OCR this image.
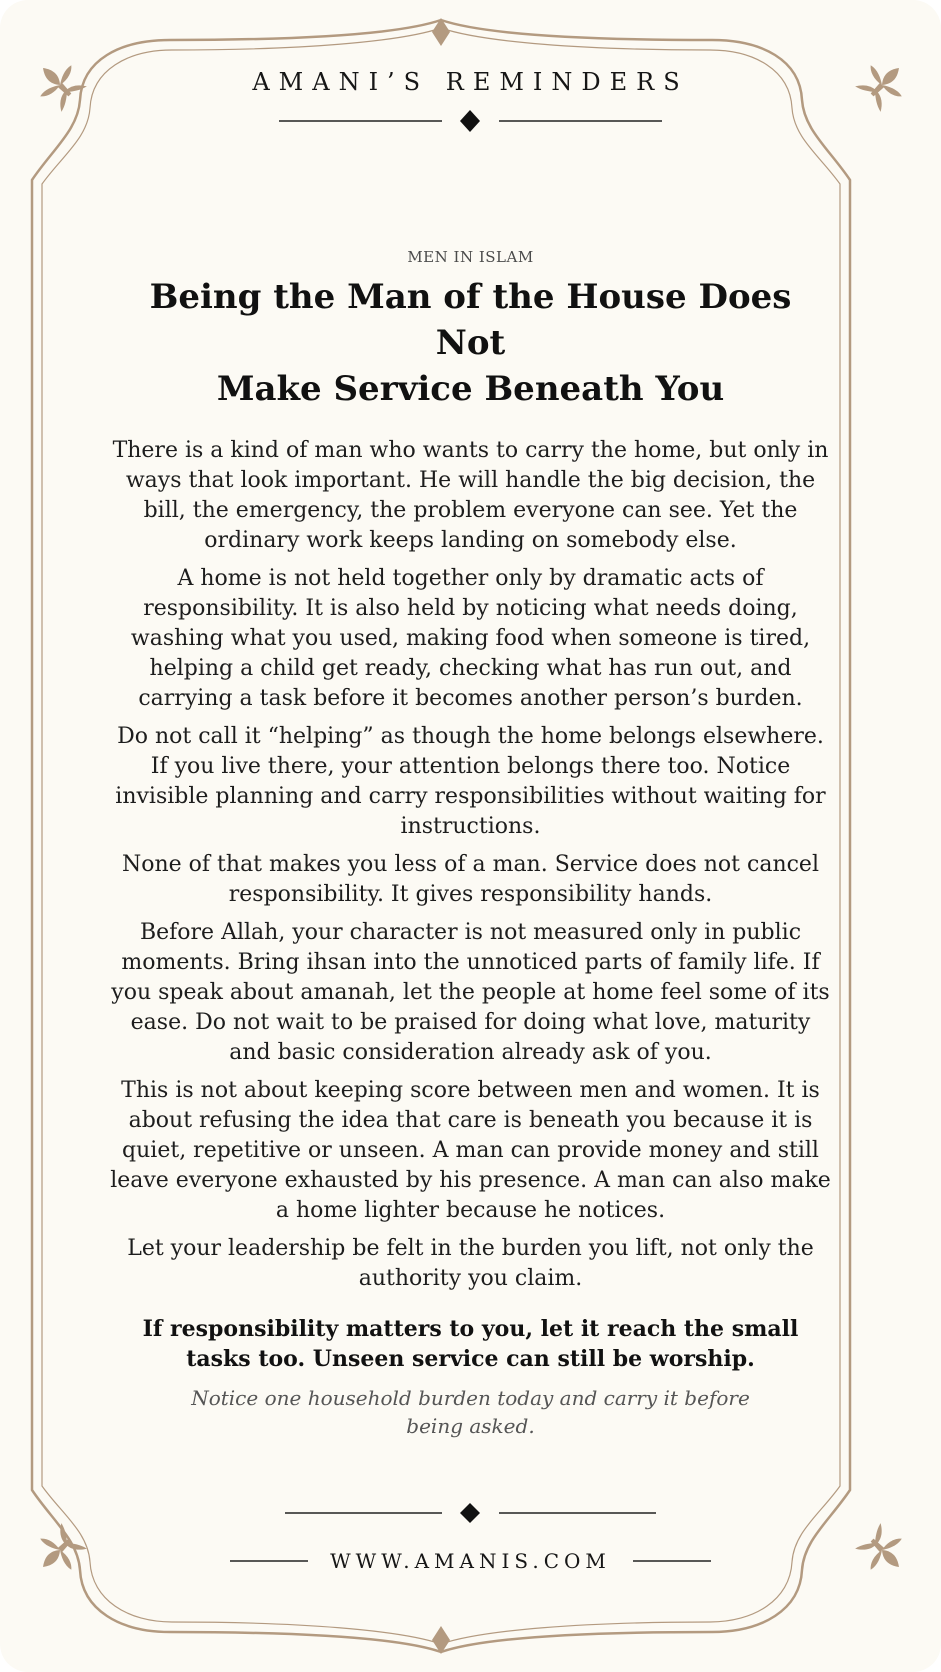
AMANI’S REMINDERS
MEN IN ISLAM
Being the Man of the House Does Not
Make Service Beneath You

There is a kind of man who wants to carry the home, but only in ways that look important. He will handle the big decision, the bill, the emergency, the problem everyone can see. Yet the ordinary work keeps landing on somebody else.

A home is not held together only by dramatic acts of responsibility. It is also held by noticing what needs doing, washing what you used, making food when someone is tired, helping a child get ready, checking what has run out, and carrying a task before it becomes another person’s burden.

Do not call it “helping” as though the home belongs elsewhere. If you live there, your attention belongs there too. Notice invisible planning and carry responsibilities without waiting for instructions.

None of that makes you less of a man. Service does not cancel responsibility. It gives responsibility hands.

Before Allah, your character is not measured only in public moments. Bring ihsan into the unnoticed parts of family life. If you speak about amanah, let the people at home feel some of its ease. Do not wait to be praised for doing what love, maturity and basic consideration already ask of you.

This is not about keeping score between men and women. It is about refusing the idea that care is beneath you because it is quiet, repetitive or unseen. A man can provide money and still leave everyone exhausted by his presence. A man can also make a home lighter because he notices.

Let your leadership be felt in the burden you lift, not only the authority you claim.

If responsibility matters to you, let it reach the small tasks too. Unseen service can still be worship.

Notice one household burden today and carry it before being asked.

WWW.AMANIS.COM
